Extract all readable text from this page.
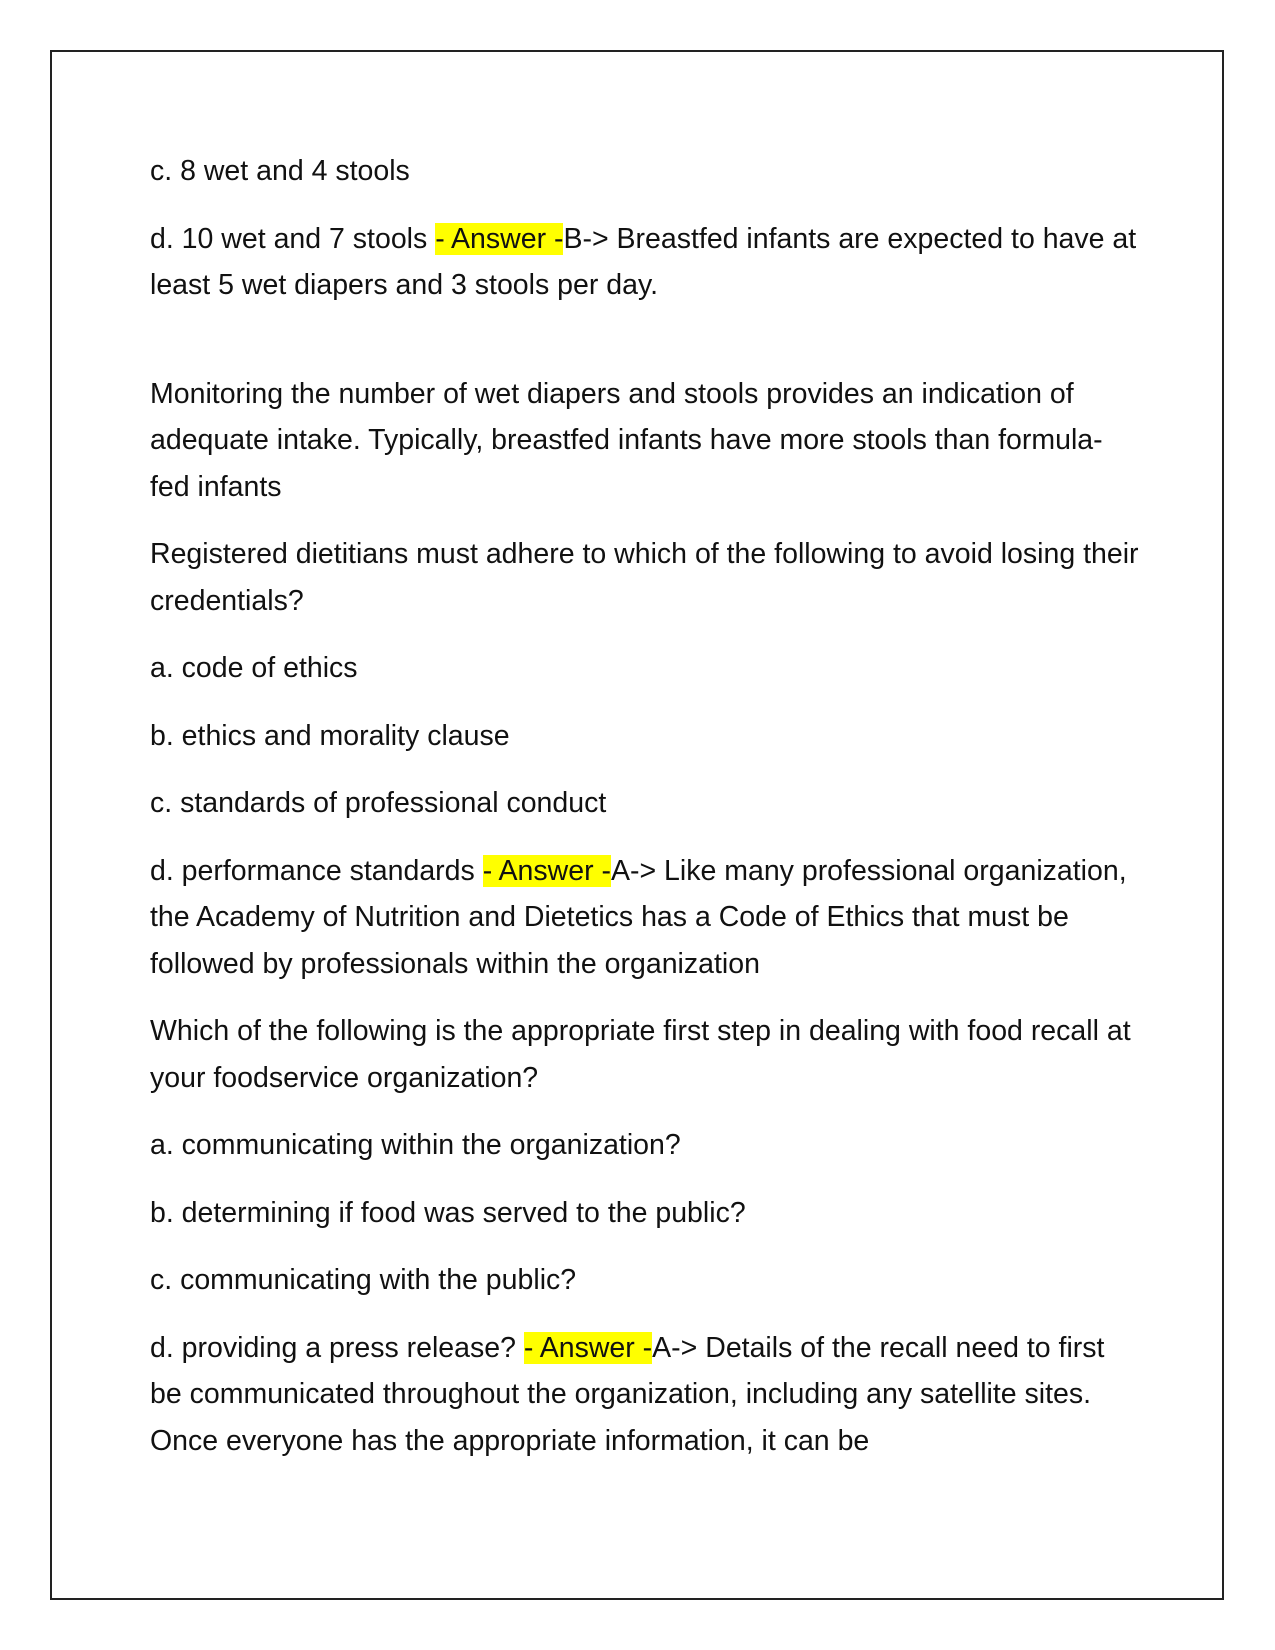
c. 8 wet and 4 stools

d. 10 wet and 7 stools - Answer -B-> Breastfed infants are expected to have at least 5 wet diapers and 3 stools per day.

Monitoring the number of wet diapers and stools provides an indication of adequate intake. Typically, breastfed infants have more stools than formula-fed infants

Registered dietitians must adhere to which of the following to avoid losing their credentials?

a. code of ethics

b. ethics and morality clause

c. standards of professional conduct

d. performance standards - Answer -A-> Like many professional organization, the Academy of Nutrition and Dietetics has a Code of Ethics that must be followed by professionals within the organization

Which of the following is the appropriate first step in dealing with food recall at your foodservice organization?

a. communicating within the organization?

b. determining if food was served to the public?

c. communicating with the public?

d. providing a press release? - Answer -A-> Details of the recall need to first be communicated throughout the organization, including any satellite sites. Once everyone has the appropriate information, it can be
